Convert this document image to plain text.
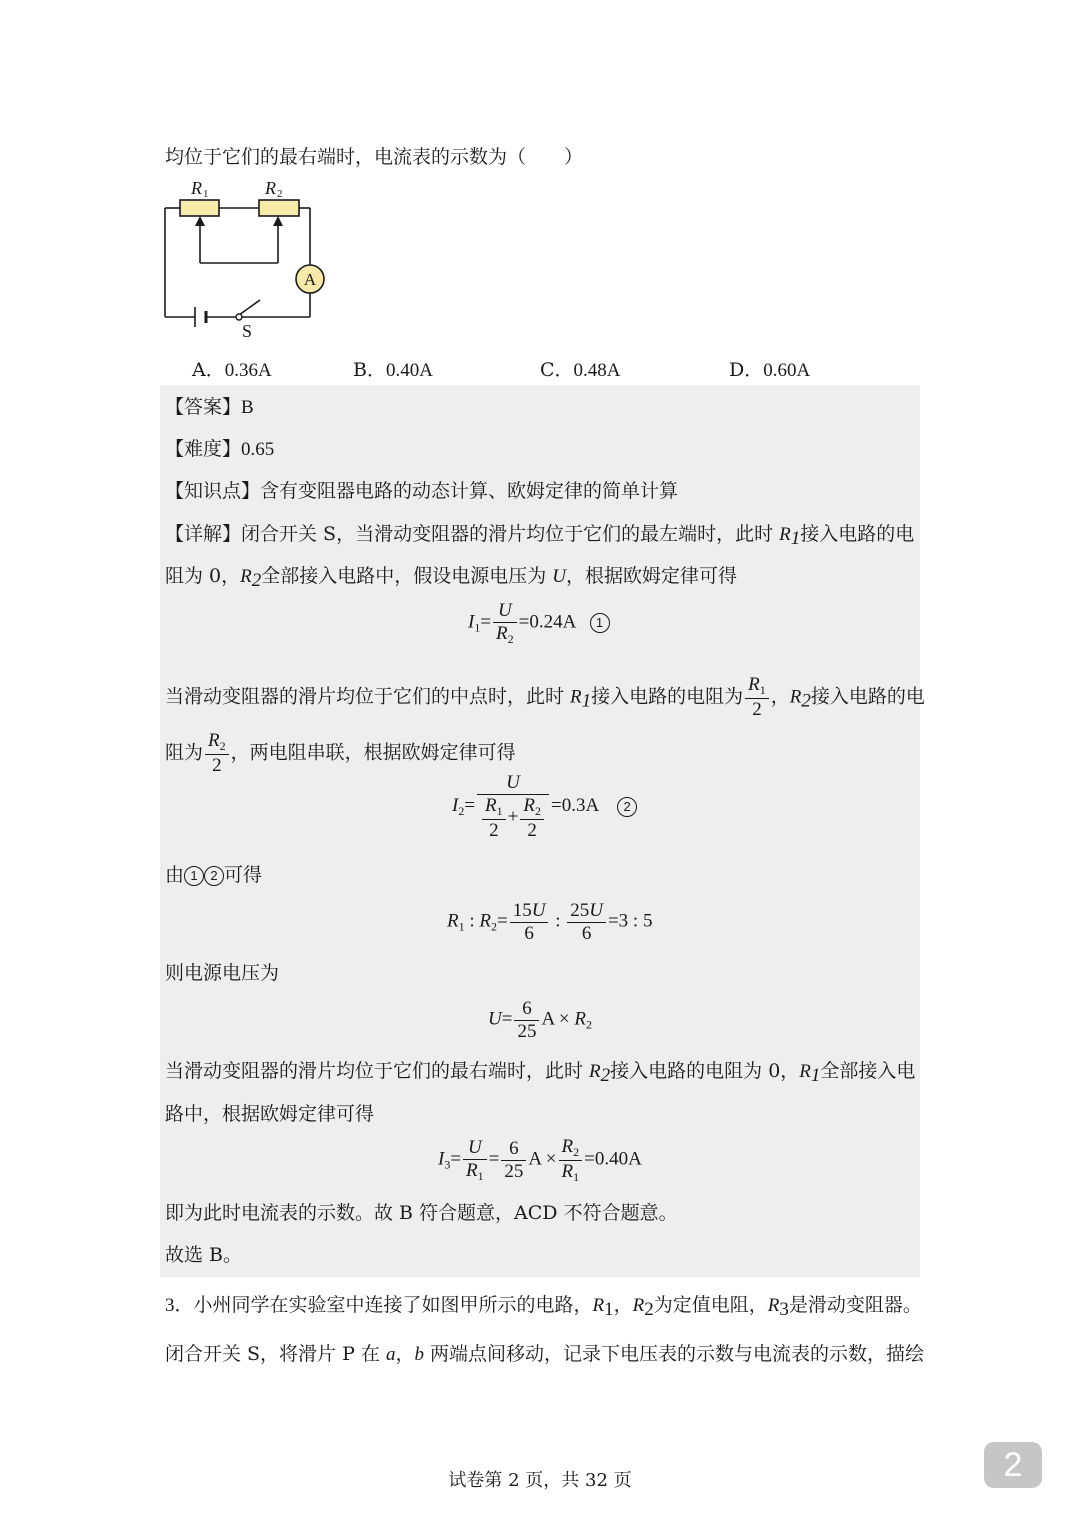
均位于它们的最右端时，电流表的示数为（　　）
A
R 1	R 2
S
A．0.36A	B．0.40A	C．0.48A	D．0.60A
【答案】B
【难度】0.65
【知识点】含有变阻器电路的动态计算、欧姆定律的简单计算
【详解】闭合开关 S，当滑动变阻器的滑片均位于它们的最左端时，此时 $R_1$接入电路的电
阻为 0，$R_2$全部接入电路中，假设电源电压为 U，根据欧姆定律可得
$I_1= \frac{U}{R_2} =0.24A$ 1
当滑动变阻器的滑片均位于它们的中点时，此时 $R_1$接入电路的电阻为 $\frac{R_1}{2}$ ，$R_2$接入电路的电
阻为 $\frac{R_2}{2}$ ，两电阻串联，根据欧姆定律可得
$I_2= \frac{U}{\frac{R_1}{2} + \frac{R_2}{2}} =0.3A$ 2
由 1 2 可得
$R_1$ : $R_2= \frac{15U}{6}$ : $\frac{25U}{6} =3$ : 5
则电源电压为
$U= \frac{6}{25}$ $A \times R_2$
当滑动变阻器的滑片均位于它们的最右端时，此时 $R_2$接入电路的电阻为 0，$R_1$全部接入电
路中，根据欧姆定律可得
$I_3= \frac{U}{R_1} = \frac{6}{25}$ $A \times \frac{R_2}{R_1} =0.40A$
即为此时电流表的示数。故 B 符合题意，ACD 不符合题意。
故选 B。
3．小州同学在实验室中连接了如图甲所示的电路，$R_1$，$R_2$为定值电阻，$R_3$是滑动变阻器。
闭合开关 S，将滑片 P 在 a，b 两端点间移动，记录下电压表的示数与电流表的示数，描绘
试卷第 2 页，共 32 页	2
